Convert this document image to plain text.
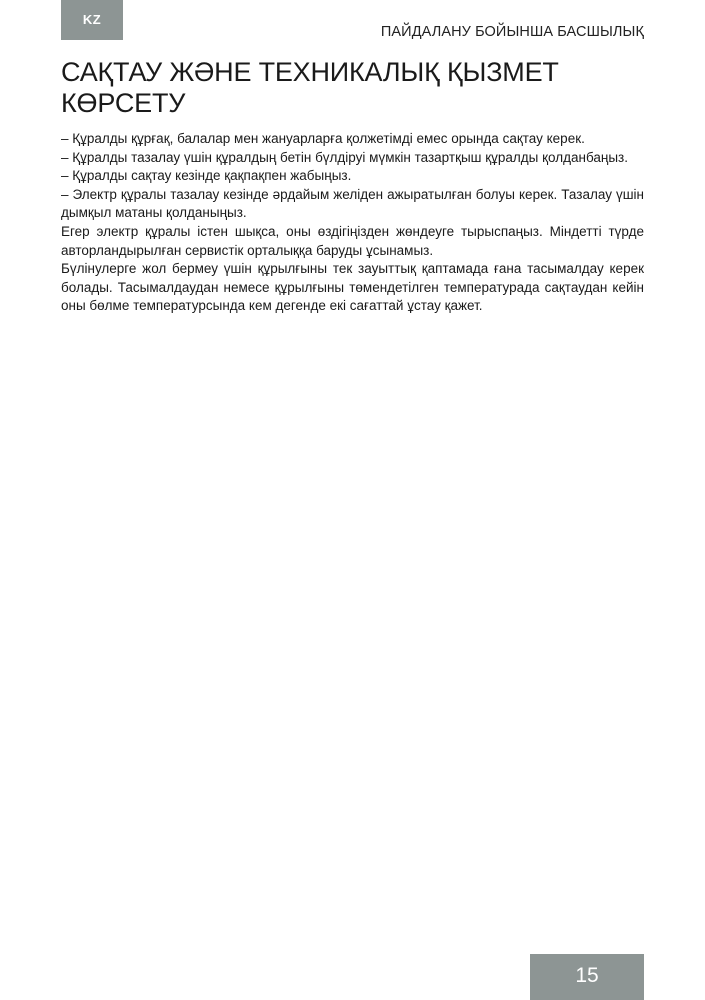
KZ
ПАЙДАЛАНУ БОЙЫНША БАСШЫЛЫҚ
САҚТАУ ЖӘНЕ ТЕХНИКАЛЫҚ ҚЫЗМЕТ
КӨРСЕТУ

– Құралды құрғақ, балалар мен жануарларға қолжетімді емес орында сақтау керек.

– Құралды тазалау үшін құралдың бетін бүлдіруі мүмкін тазартқыш құралды қолданбаңыз.

– Құралды сақтау кезінде қақпақпен жабыңыз.

– Электр құралы тазалау кезінде әрдайым желіден ажыратылған болуы керек. Тазалау үшін дымқыл матаны қолданыңыз.

Егер электр құралы істен шықса, оны өздігіңізден жөндеуге тырыспаңыз. Міндетті түрде авторландырылған сервистік орталыққа баруды ұсынамыз.

Бүлінулерге жол бермеу үшін құрылғыны тек зауыттық қаптамада ғана тасымалдау керек болады. Тасымалдаудан немесе құрылғыны төмендетілген температурада сақтаудан кейін оны бөлме температурсында кем дегенде екі сағаттай ұстау қажет.

15
